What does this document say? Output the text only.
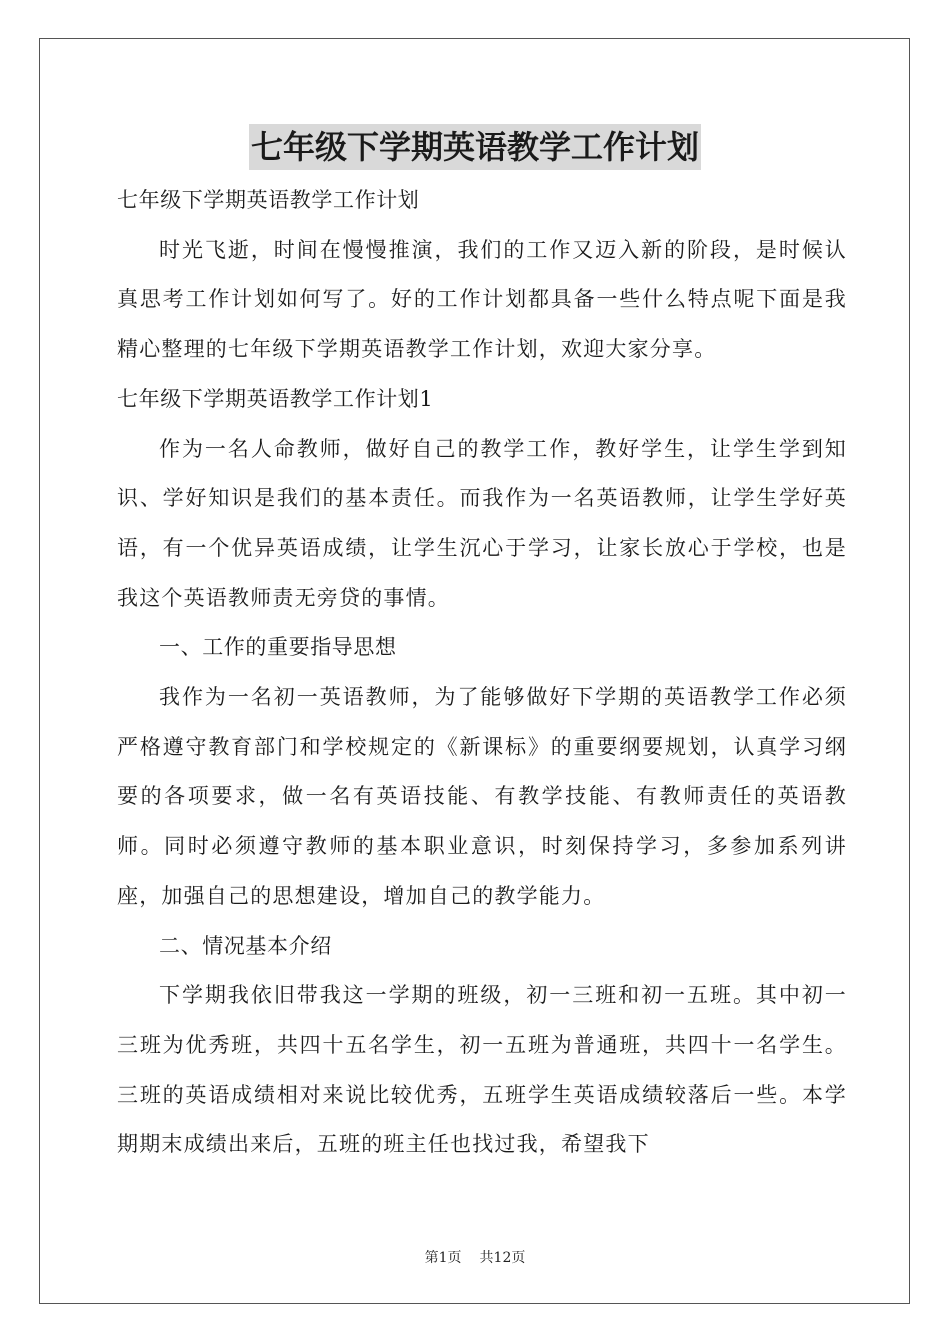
七年级下学期英语教学工作计划

七年级下学期英语教学工作计划

时光飞逝，时间在慢慢推演，我们的工作又迈入新的阶段，是时候认真思考工作计划如何写了。好的工作计划都具备一些什么特点呢下面是我精心整理的七年级下学期英语教学工作计划，欢迎大家分享。

七年级下学期英语教学工作计划1

作为一名人命教师，做好自己的教学工作，教好学生，让学生学到知识、学好知识是我们的基本责任。而我作为一名英语教师，让学生学好英语，有一个优异英语成绩，让学生沉心于学习，让家长放心于学校，也是我这个英语教师责无旁贷的事情。

一、工作的重要指导思想

我作为一名初一英语教师，为了能够做好下学期的英语教学工作必须严格遵守教育部门和学校规定的《新课标》的重要纲要规划，认真学习纲要的各项要求，做一名有英语技能、有教学技能、有教师责任的英语教师。同时必须遵守教师的基本职业意识，时刻保持学习，多参加系列讲座，加强自己的思想建设，增加自己的教学能力。

二、情况基本介绍

下学期我依旧带我这一学期的班级，初一三班和初一五班。其中初一三班为优秀班，共四十五名学生，初一五班为普通班，共四十一名学生。三班的英语成绩相对来说比较优秀，五班学生英语成绩较落后一些。本学期期末成绩出来后，五班的班主任也找过我，希望我下

第1页 共12页
